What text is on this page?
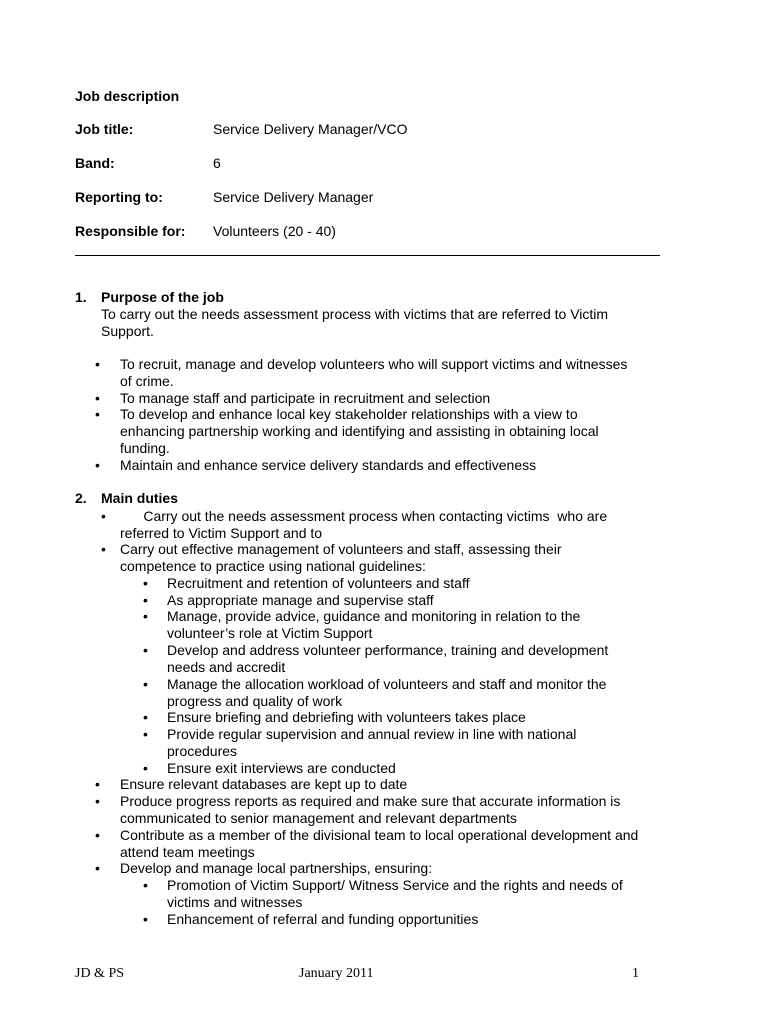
Job description
Job title:	Service Delivery Manager/VCO
Band:	6
Reporting to:	Service Delivery Manager
Responsible for: Volunteers (20 - 40)
1. Purpose of the job
To carry out the needs assessment process with victims that are referred to Victim
Support.
• To recruit, manage and develop volunteers who will support victims and witnesses
of crime.
• To manage staff and participate in recruitment and selection
• To develop and enhance local key stakeholder relationships with a view to
enhancing partnership working and identifying and assisting in obtaining local
funding.
• Maintain and enhance service delivery standards and effectiveness
2. Main duties
• Carry out the needs assessment process when contacting victims  who are
referred to Victim Support and to
• Carry out effective management of volunteers and staff, assessing their
competence to practice using national guidelines:
• Recruitment and retention of volunteers and staff
• As appropriate manage and supervise staff
• Manage, provide advice, guidance and monitoring in relation to the
volunteer’s role at Victim Support
• Develop and address volunteer performance, training and development
needs and accredit
• Manage the allocation workload of volunteers and staff and monitor the
progress and quality of work
• Ensure briefing and debriefing with volunteers takes place
• Provide regular supervision and annual review in line with national
procedures
• Ensure exit interviews are conducted
• Ensure relevant databases are kept up to date
• Produce progress reports as required and make sure that accurate information is
communicated to senior management and relevant departments
• Contribute as a member of the divisional team to local operational development and
attend team meetings
• Develop and manage local partnerships, ensuring:
• Promotion of Victim Support/ Witness Service and the rights and needs of
victims and witnesses
• Enhancement of referral and funding opportunities
JD & PS	January 2011	1
